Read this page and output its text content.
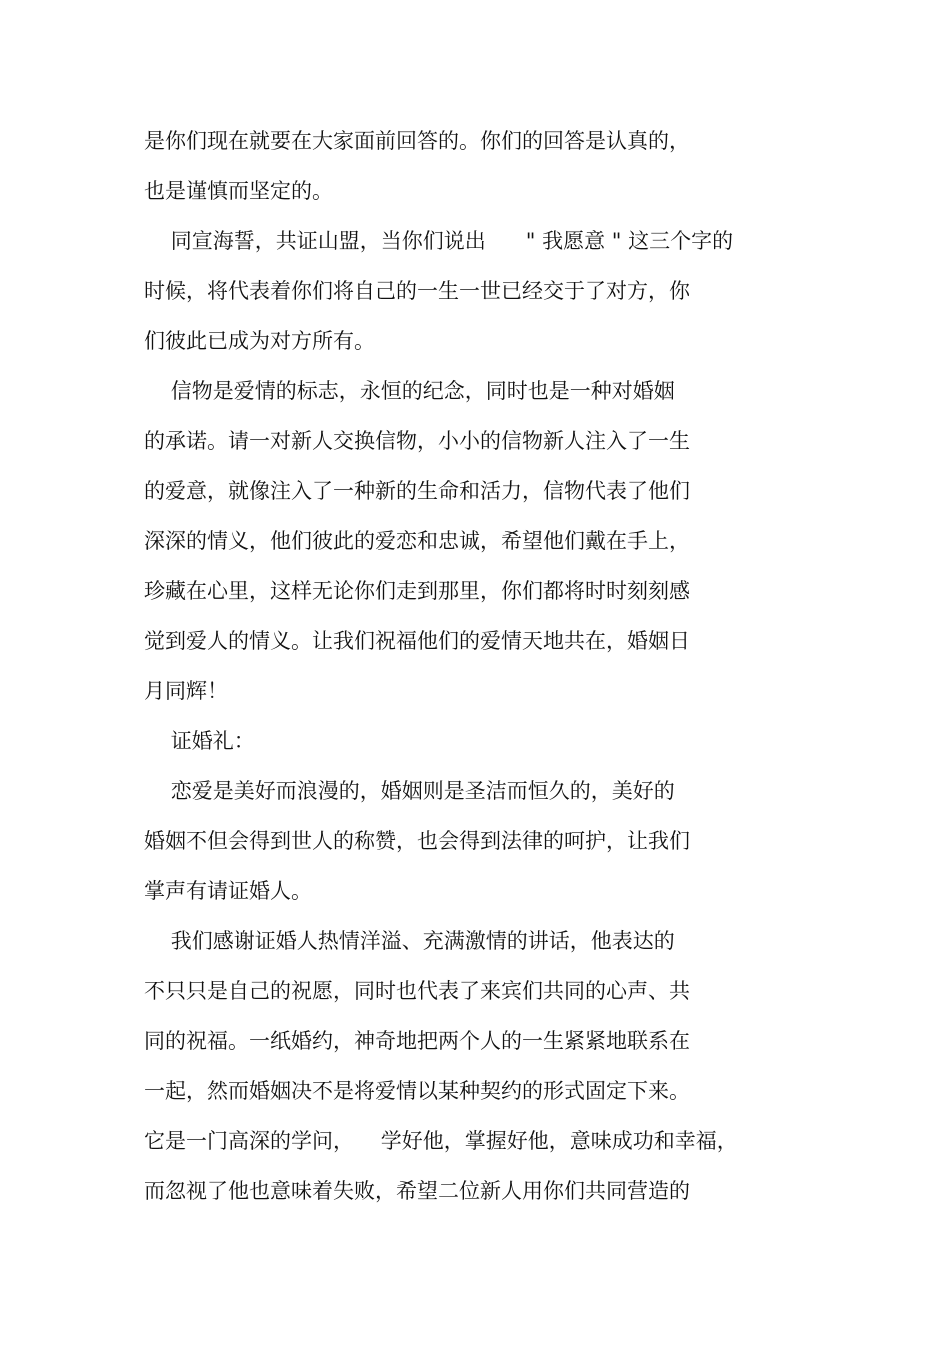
是你们现在就要在大家面前回答的。你们的回答是认真的，
也是谨慎而坚定的。
同宣海誓，共证山盟，当你们说出      " 我愿意 " 这三个字的
时候，将代表着你们将自己的一生一世已经交于了对方，你
们彼此已成为对方所有。
信物是爱情的标志，永恒的纪念，同时也是一种对婚姻
的承诺。请一对新人交换信物，小小的信物新人注入了一生
的爱意，就像注入了一种新的生命和活力，信物代表了他们
深深的情义，他们彼此的爱恋和忠诚，希望他们戴在手上，
珍藏在心里，这样无论你们走到那里，你们都将时时刻刻感
觉到爱人的情义。让我们祝福他们的爱情天地共在，婚姻日
月同辉！
证婚礼：
恋爱是美好而浪漫的，婚姻则是圣洁而恒久的，美好的
婚姻不但会得到世人的称赞，也会得到法律的呵护，让我们
掌声有请证婚人。
我们感谢证婚人热情洋溢、充满激情的讲话，他表达的
不只只是自己的祝愿，同时也代表了来宾们共同的心声、共
同的祝福。一纸婚约，神奇地把两个人的一生紧紧地联系在
一起，然而婚姻决不是将爱情以某种契约的形式固定下来。
它是一门高深的学问，    学好他，掌握好他，意味成功和幸福，
而忽视了他也意味着失败，希望二位新人用你们共同营造的
